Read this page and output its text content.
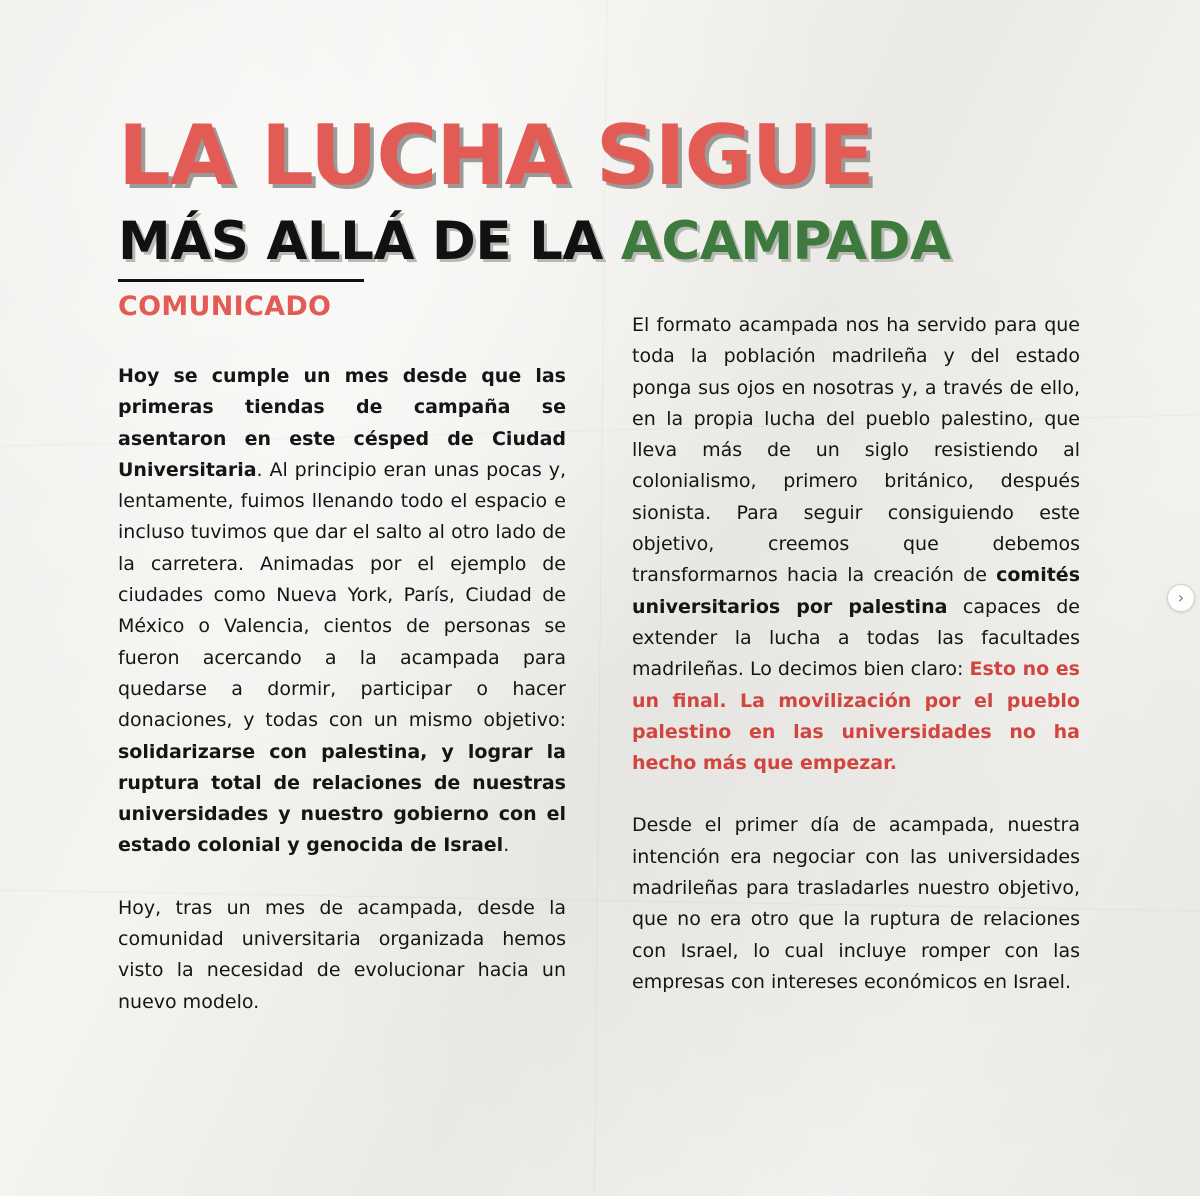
LA LUCHA SIGUE
MÁS ALLÁ DE LA ACAMPADA
COMUNICADO

Hoy se cumple un mes desde que las primeras tiendas de campaña se asentaron en este césped de Ciudad Universitaria. Al principio eran unas pocas y, lentamente, fuimos llenando todo el espacio e incluso tuvimos que dar el salto al otro lado de la carretera. Animadas por el ejemplo de ciudades como Nueva York, París, Ciudad de México o Valencia, cientos de personas se fueron acercando a la acampada para quedarse a dormir, participar o hacer donaciones, y todas con un mismo objetivo: solidarizarse con palestina, y lograr la ruptura total de relaciones de nuestras universidades y nuestro gobierno con el estado colonial y genocida de Israel.

Hoy, tras un mes de acampada, desde la comunidad universitaria organizada hemos visto la necesidad de evolucionar hacia un nuevo modelo.

El formato acampada nos ha servido para que toda la población madrileña y del estado ponga sus ojos en nosotras y, a través de ello, en la propia lucha del pueblo palestino, que lleva más de un siglo resistiendo al colonialismo, primero británico, después sionista. Para seguir consiguiendo este objetivo, creemos que debemos transformarnos hacia la creación de comités universitarios por palestina capaces de extender la lucha a todas las facultades madrileñas. Lo decimos bien claro: Esto no es un final. La movilización por el pueblo palestino en las universidades no ha hecho más que empezar.

Desde el primer día de acampada, nuestra intención era negociar con las universidades madrileñas para trasladarles nuestro objetivo, que no era otro que la ruptura de relaciones con Israel, lo cual incluye romper con las empresas con intereses económicos en Israel.

›
